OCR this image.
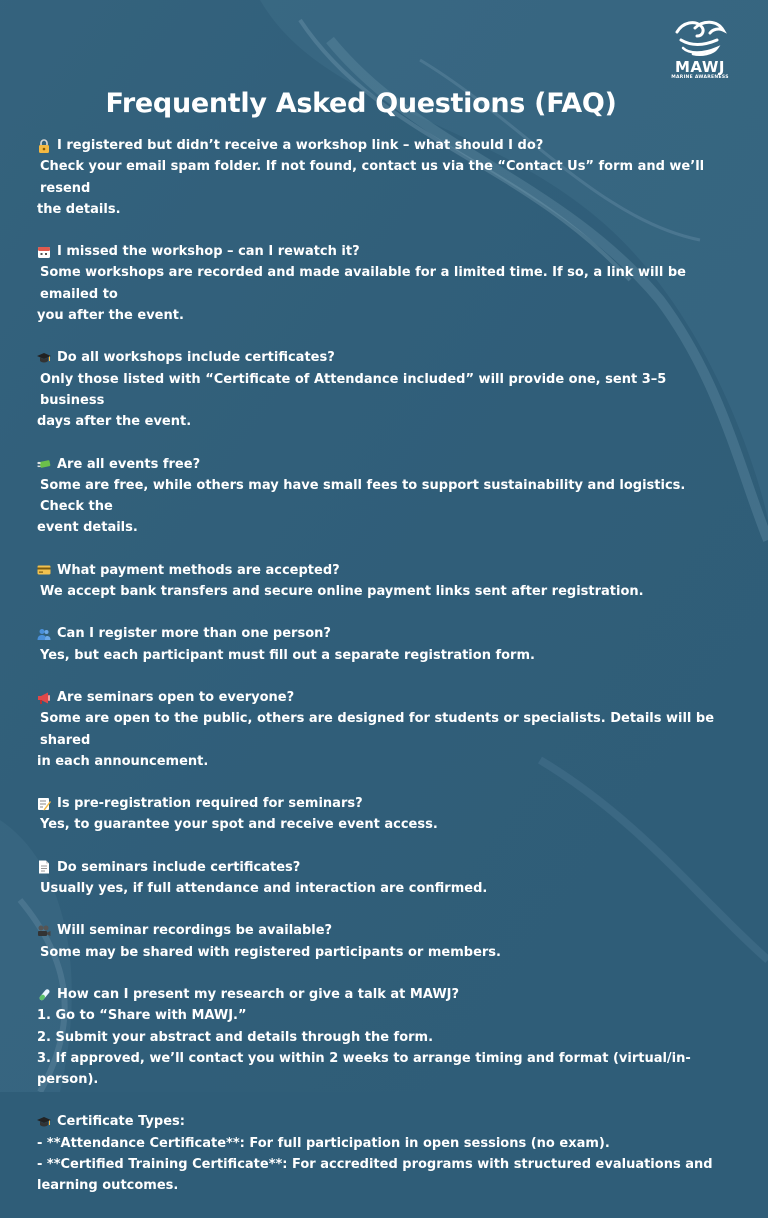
MAWJ
MARINE AWARENESS
Frequently Asked Questions (FAQ)
I registered but didn’t receive a workshop link – what should I do?
Check your email spam folder. If not found, contact us via the “Contact Us” form and we’ll resend
the details.
I missed the workshop – can I rewatch it?
Some workshops are recorded and made available for a limited time. If so, a link will be emailed to
you after the event.
Do all workshops include certificates?
Only those listed with “Certificate of Attendance included” will provide one, sent 3–5 business
days after the event.
Are all events free?
Some are free, while others may have small fees to support sustainability and logistics. Check the
event details.
What payment methods are accepted?
We accept bank transfers and secure online payment links sent after registration.
Can I register more than one person?
Yes, but each participant must fill out a separate registration form.
Are seminars open to everyone?
Some are open to the public, others are designed for students or specialists. Details will be shared
in each announcement.
Is pre-registration required for seminars?
Yes, to guarantee your spot and receive event access.
Do seminars include certificates?
Usually yes, if full attendance and interaction are confirmed.
Will seminar recordings be available?
Some may be shared with registered participants or members.
How can I present my research or give a talk at MAWJ?
1. Go to “Share with MAWJ.”
2. Submit your abstract and details through the form.
3. If approved, we’ll contact you within 2 weeks to arrange timing and format (virtual/in-person).
Certificate Types:
- **Attendance Certificate**: For full participation in open sessions (no exam).
- **Certified Training Certificate**: For accredited programs with structured evaluations and
learning outcomes.
